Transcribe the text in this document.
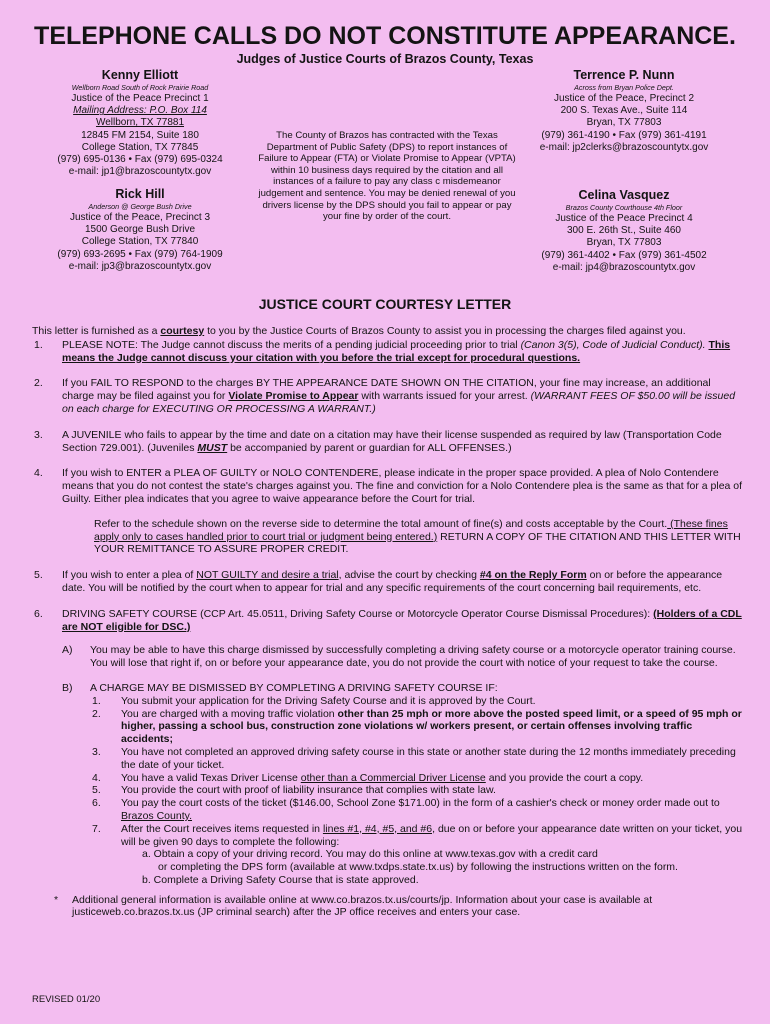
TELEPHONE CALLS DO NOT CONSTITUTE APPEARANCE.
Judges of Justice Courts of Brazos County, Texas
Kenny Elliott
Wellborn Road South of Rock Prairie Road
Justice of the Peace Precinct 1
Mailing Address: P.O. Box 114
Wellborn, TX 77881
12845 FM 2154, Suite 180
College Station, TX 77845
(979) 695-0136 • Fax (979) 695-0324
e-mail: jp1@brazoscountytx.gov
Rick Hill
Anderson @ George Bush Drive
Justice of the Peace, Precinct 3
1500 George Bush Drive
College Station, TX 77840
(979) 693-2695 • Fax (979) 764-1909
e-mail: jp3@brazoscountytx.gov
Terrence P. Nunn
Across from Bryan Police Dept.
Justice of the Peace, Precinct 2
200 S. Texas Ave., Suite 114
Bryan, TX 77803
(979) 361-4190 • Fax (979) 361-4191
e-mail: jp2clerks@brazoscountytx.gov
Celina Vasquez
Brazos County Courthouse 4th Floor
Justice of the Peace Precinct 4
300 E. 26th St., Suite 460
Bryan, TX 77803
(979) 361-4402 • Fax (979) 361-4502
e-mail: jp4@brazoscountytx.gov
The County of Brazos has contracted with the Texas Department of Public Safety (DPS) to report instances of Failure to Appear (FTA) or Violate Promise to Appear (VPTA) within 10 business days required by the citation and all instances of a failure to pay any class c misdemeanor judgement and sentence. You may be denied renewal of you drivers license by the DPS should you fail to appear or pay your fine by order of the court.
JUSTICE COURT COURTESY LETTER
This letter is furnished as a courtesy to you by the Justice Courts of Brazos County to assist you in processing the charges filed against you.
1. PLEASE NOTE: The Judge cannot discuss the merits of a pending judicial proceeding prior to trial (Canon 3(5), Code of Judicial Conduct). This means the Judge cannot discuss your citation with you before the trial except for procedural questions.
2. If you FAIL TO RESPOND to the charges BY THE APPEARANCE DATE SHOWN ON THE CITATION, your fine may increase, an additional charge may be filed against you for Violate Promise to Appear with warrants issued for your arrest. (WARRANT FEES OF $50.00 will be issued on each charge for EXECUTING OR PROCESSING A WARRANT.)
3. A JUVENILE who fails to appear by the time and date on a citation may have their license suspended as required by law (Transportation Code Section 729.001). (Juveniles MUST be accompanied by parent or guardian for ALL OFFENSES.)
4. If you wish to ENTER a PLEA OF GUILTY or NOLO CONTENDERE, please indicate in the proper space provided. A plea of Nolo Contendere means that you do not contest the state's charges against you. The fine and conviction for a Nolo Contendere plea is the same as that for a plea of Guilty. Either plea indicates that you agree to waive appearance before the Court for trial.
Refer to the schedule shown on the reverse side to determine the total amount of fine(s) and costs acceptable by the Court. (These fines apply only to cases handled prior to court trial or judgment being entered.) RETURN A COPY OF THE CITATION AND THIS LETTER WITH YOUR REMITTANCE TO ASSURE PROPER CREDIT.
5. If you wish to enter a plea of NOT GUILTY and desire a trial, advise the court by checking #4 on the Reply Form on or before the appearance date. You will be notified by the court when to appear for trial and any specific requirements of the court concerning bail requirements, etc.
6. DRIVING SAFETY COURSE (CCP Art. 45.0511, Driving Safety Course or Motorcycle Operator Course Dismissal Procedures): (Holders of a CDL are NOT eligible for DSC.)
A) You may be able to have this charge dismissed by successfully completing a driving safety course or a motorcycle operator training course. You will lose that right if, on or before your appearance date, you do not provide the court with notice of your request to take the course.
B) A CHARGE MAY BE DISMISSED BY COMPLETING A DRIVING SAFETY COURSE IF:
1. You submit your application for the Driving Safety Course and it is approved by the Court.
2. You are charged with a moving traffic violation other than 25 mph or more above the posted speed limit, or a speed of 95 mph or higher, passing a school bus, construction zone violations w/ workers present, or certain offenses involving traffic accidents;
3. You have not completed an approved driving safety course in this state or another state during the 12 months immediately preceding the date of your ticket.
4. You have a valid Texas Driver License other than a Commercial Driver License and you provide the court a copy.
5. You provide the court with proof of liability insurance that complies with state law.
6. You pay the court costs of the ticket ($146.00, School Zone $171.00) in the form of a cashier's check or money order made out to Brazos County.
7. After the Court receives items requested in lines #1, #4, #5, and #6, due on or before your appearance date written on your ticket, you will be given 90 days to complete the following:
a. Obtain a copy of your driving record. You may do this online at www.texas.gov with a credit card
or completing the DPS form (available at www.txdps.state.tx.us) by following the instructions written on the form.
b. Complete a Driving Safety Course that is state approved.
* Additional general information is available online at www.co.brazos.tx.us/courts/jp. Information about your case is available at justiceweb.co.brazos.tx.us (JP criminal search) after the JP office receives and enters your case.
REVISED 01/20
